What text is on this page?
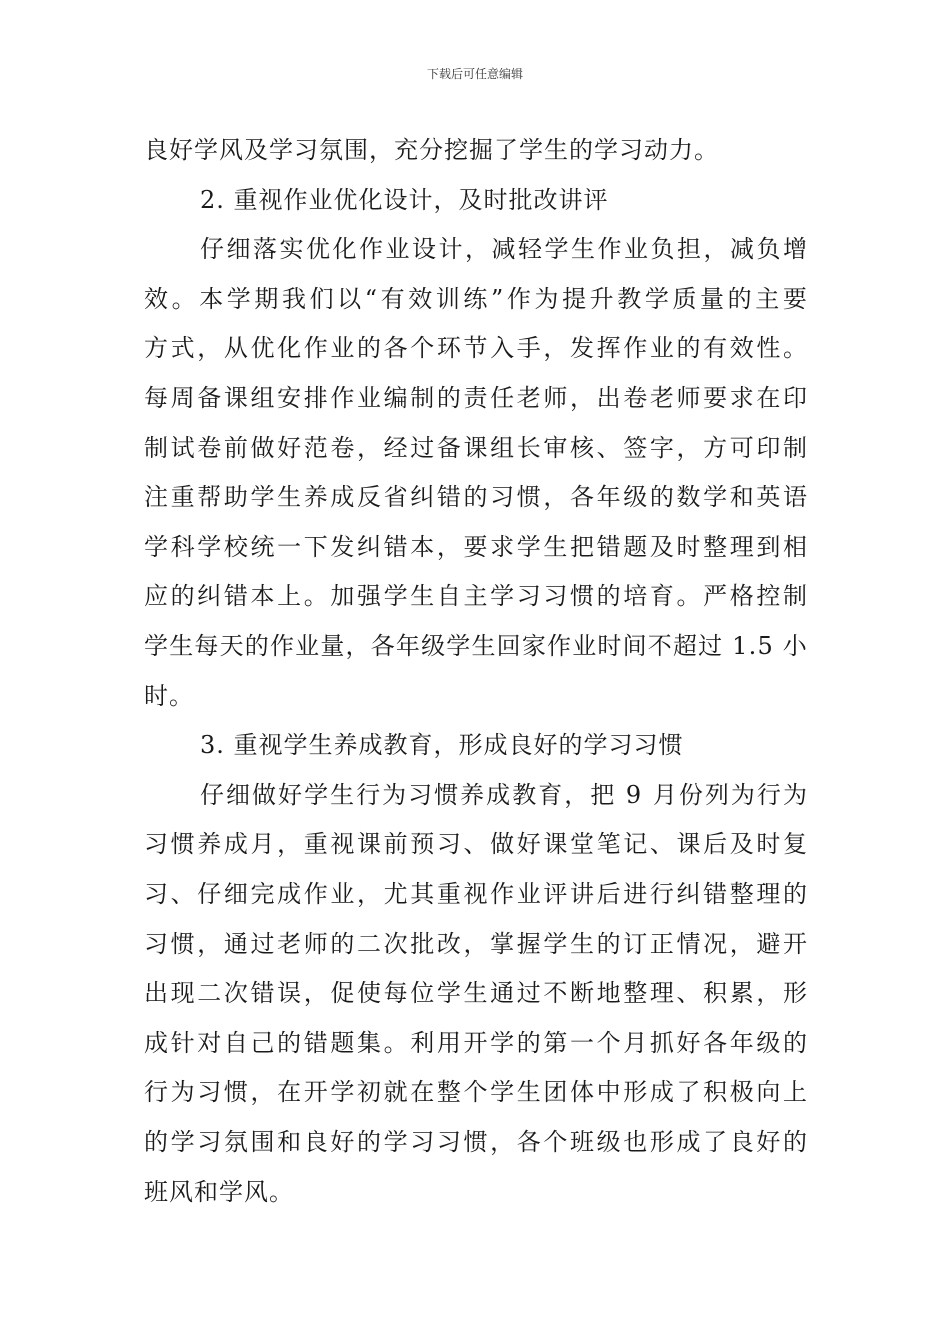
下载后可任意编辑
良好学风及学习氛围，充分挖掘了学生的学习动力。
2. 重视作业优化设计，及时批改讲评
仔 细 落 实 优 化 作 业 设 计 ， 减 轻 学 生 作 业 负 担 ， 减 负 增
效 。 本 学 期 我 们 以 “ 有 效 训 练 ” 作 为 提 升 教 学 质 量 的 主 要
方 式 ， 从 优 化 作 业 的 各 个 环 节 入 手 ， 发 挥 作 业 的 有 效 性 。
每 周 备 课 组 安 排 作 业 编 制 的 责 任 老 师 ， 出 卷 老 师 要 求 在 印
制 试 卷 前 做 好 范 卷 ， 经 过 备 课 组 长 审 核 、 签 字 ， 方 可 印 制
注 重 帮 助 学 生 养 成 反 省 纠 错 的 习 惯 ， 各 年 级 的 数 学 和 英 语
学 科 学 校 统 一 下 发 纠 错 本 ， 要 求 学 生 把 错 题 及 时 整 理 到 相
应 的 纠 错 本 上 。 加 强 学 生 自 主 学 习 习 惯 的 培 育 。 严 格 控 制
学 生 每 天 的 作 业 量 ， 各 年 级 学 生 回 家 作 业 时 间 不 超 过
1 . 5
小
时。
3. 重视学生养成教育，形成良好的学习习惯
仔 细 做 好 学 生 行 为 习 惯 养 成 教 育 ， 把
9
月 份 列 为 行 为
习 惯 养 成 月 ， 重 视 课 前 预 习 、 做 好 课 堂 笔 记 、 课 后 及 时 复
习 、 仔 细 完 成 作 业 ， 尤 其 重 视 作 业 评 讲 后 进 行 纠 错 整 理 的
习 惯 ， 通 过 老 师 的 二 次 批 改 ， 掌 握 学 生 的 订 正 情 况 ， 避 开
出 现 二 次 错 误 ， 促 使 每 位 学 生 通 过 不 断 地 整 理 、 积 累 ， 形
成 针 对 自 己 的 错 题 集 。 利 用 开 学 的 第 一 个 月 抓 好 各 年 级 的
行 为 习 惯 ， 在 开 学 初 就 在 整 个 学 生 团 体 中 形 成 了 积 极 向 上
的 学 习 氛 围 和 良 好 的 学 习 习 惯 ， 各 个 班 级 也 形 成 了 良 好 的
班风和学风。
